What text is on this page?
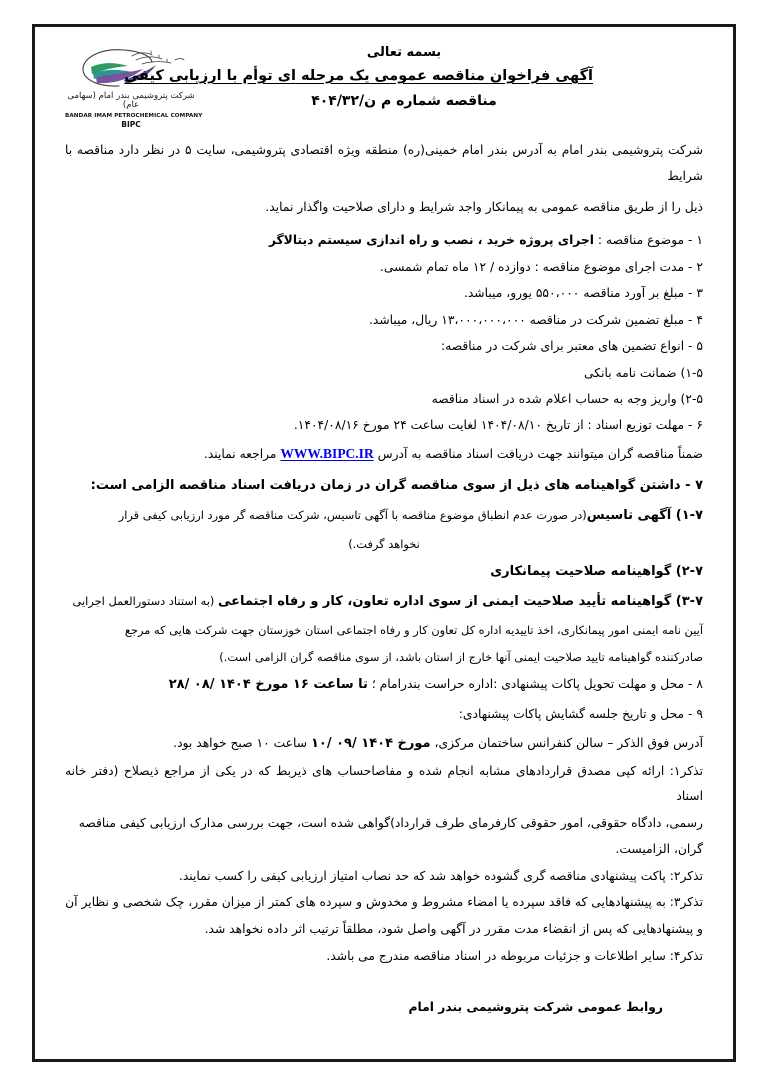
شرکت پتروشیمی بندر امام (سهامی عام)
BANDAR IMAM PETROCHEMICAL COMPANY
BIPC
بسمه تعالی
آگهی فراخوان مناقصه عمومی یک مرحله ای توأم با ارزیابی کیفی
مناقصه شماره م ن/۴۰۴/۳۲
شرکت پتروشیمی بندر امام به آدرس بندر امام خمینی(ره) منطقه ویژه اقتصادی پتروشیمی، سایت ۵ در نظر دارد مناقصه با شرایط
ذیل را از طریق مناقصه عمومی به پیمانکار واجد شرایط و دارای صلاحیت واگذار نماید.
۱ - موضوع مناقصه : اجرای پروژه خرید ، نصب و راه اندازی سیستم دیتالاگر
۲ - مدت اجرای موضوع مناقصه : دوازده / ۱۲ ماه تمام شمسی.
۳ - مبلغ بر آورد مناقصه ۵۵۰،۰۰۰ یورو، میباشد.
۴ - مبلغ تضمین شرکت در مناقصه ۱۳،۰۰۰،۰۰۰،۰۰۰ ریال، میباشد.
۵ - انواع تضمین های معتبر برای شرکت در مناقصه:
۱-۵) ضمانت نامه بانکی
۲-۵) واریز وجه به حساب اعلام شده در اسناد مناقصه
۶ - مهلت توزیع اسناد : از تاریخ ۱۴۰۴/۰۸/۱۰ لغایت ساعت ۲۴ مورخ ۱۴۰۴/۰۸/۱۶.
ضمناً مناقصه گران میتوانند جهت دریافت اسناد مناقصه به آدرس WWW.BIPC.IR مراجعه نمایند.
۷ - داشتن گواهینامه های ذیل از سوی مناقصه گران در زمان دریافت اسناد مناقصه الزامی است:
۱-۷) آگهی تاسیس(در صورت عدم انطباق موضوع مناقصه با آگهی تاسیس، شرکت مناقصه گر مورد ارزیابی کیفی قرار
نخواهد گرفت.)
۲-۷) گواهینامه صلاحیت پیمانکاری
۳-۷) گواهینامه تأیید صلاحیت ایمنی از سوی اداره تعاون، کار و رفاه اجتماعی (به استناد دستورالعمل اجرایی
آیین نامه ایمنی امور پیمانکاری، اخذ تاییدیه اداره کل تعاون کار و رفاه اجتماعی استان خوزستان جهت شرکت هایی که مرجع
صادرکننده گواهینامه تایید صلاحیت ایمنی آنها خارج از استان باشد، از سوی مناقصه گران الزامی است.)
۸ - محل و مهلت تحویل پاکات پیشنهادی :اداره حراست بندرامام ؛ تا ساعت ۱۶ مورخ ۱۴۰۴ /۰۸ /۲۸
۹ - محل و تاریخ جلسه گشایش پاکات پیشنهادی:
آدرس فوق الذکر – سالن کنفرانس ساختمان مرکزی، مورخ ۱۴۰۴ /۰۹ /۱۰ ساعت ۱۰ صبح خواهد بود.
تذکر۱: ارائه کپی مصدق قراردادهای مشابه انجام شده و مفاصاحساب های ذیربط که در یکی از مراجع ذیصلاح (دفتر خانه اسناد
رسمی، دادگاه حقوقی، امور حقوقی کارفرمای طرف قرارداد)گواهی شده است، جهت بررسی مدارک ارزیابی کیفی مناقصه
گران، الزامیست.
تذکر۲: پاکت پیشنهادی مناقصه گری گشوده خواهد شد که حد نصاب امتیاز ارزیابی کیفی را کسب نمایند.
تذکر۳: به پیشنهادهایی که فاقد سپرده یا امضاء مشروط و مخدوش و سپرده های کمتر از میزان مقرر، چک شخصی و نظایر آن
و پیشنهادهایی که پس از انقضاء مدت مقرر در آگهی واصل شود، مطلقاً ترتیب اثر داده نخواهد شد.
تذکر۴: سایر اطلاعات و جزئیات مربوطه در اسناد مناقصه مندرج می باشد.
روابط عمومی شرکت پتروشیمی بندر امام
